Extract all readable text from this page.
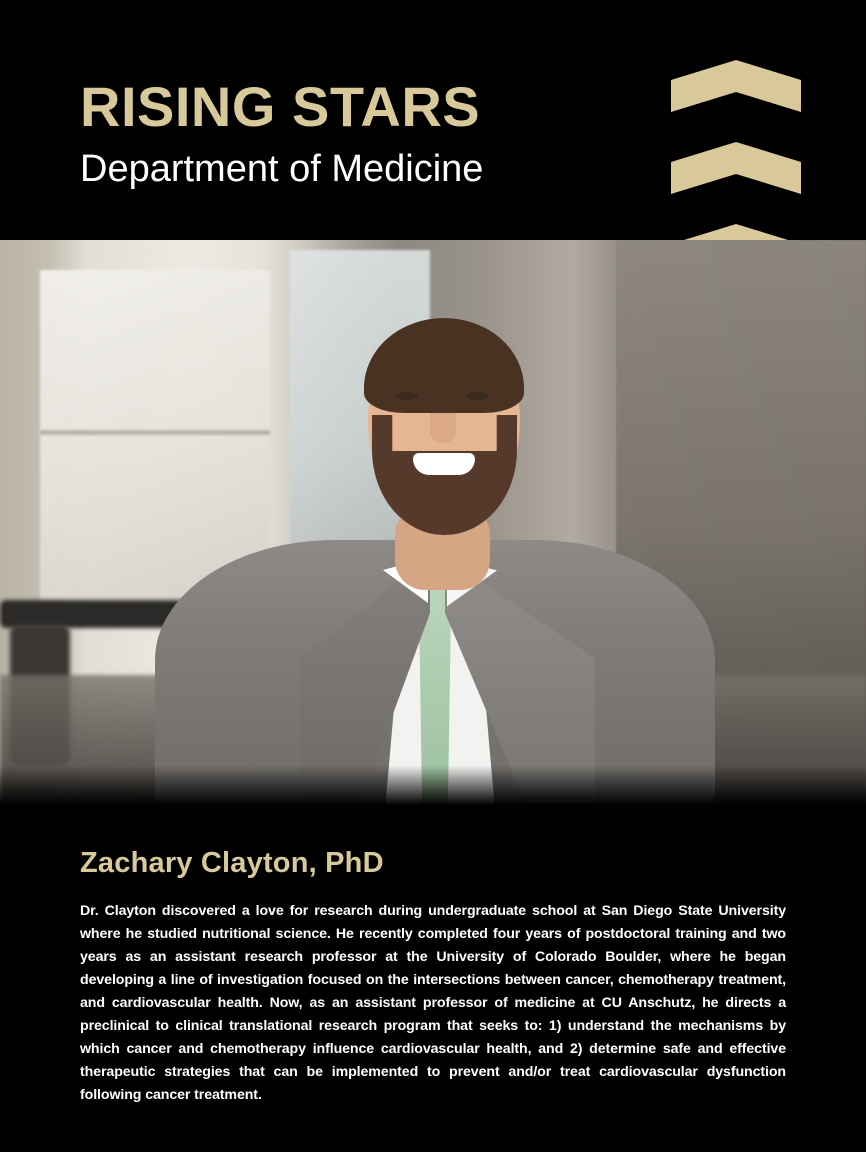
RISING STARS
Department of Medicine
Zachary Clayton, PhD
Dr. Clayton discovered a love for research during undergraduate school at San Diego State University where he studied nutritional science. He recently completed four years of postdoctoral training and two years as an assistant research professor at the University of Colorado Boulder, where he began developing a line of investigation focused on the intersections between cancer, chemotherapy treatment, and cardiovascular health. Now, as an assistant professor of medicine at CU Anschutz, he directs a preclinical to clinical translational research program that seeks to: 1) understand the mechanisms by which cancer and chemotherapy influence cardiovascular health, and 2) determine safe and effective therapeutic strategies that can be implemented to prevent and/or treat cardiovascular dysfunction following cancer treatment.
